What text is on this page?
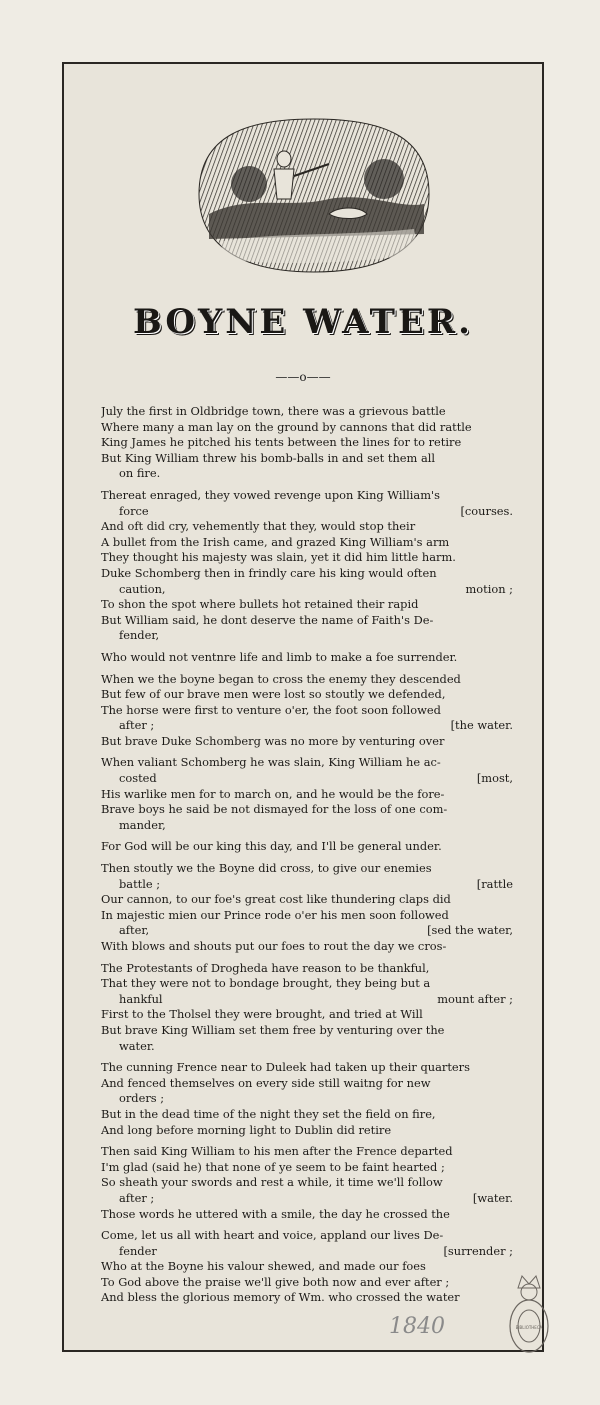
BOYNE WATER.
——o——
July the first in Oldbridge town, there was a grievous battle
Where many a man lay on the ground by cannons that did rattle
King James he pitched his tents between the lines for to retire
But King William threw his bomb-balls in and set them all
on fire.
Thereat enraged, they vowed revenge upon King William's
force	[courses.
And oft did cry, vehemently that they, would stop their
A bullet from the Irish came, and grazed King William's arm
They thought his majesty was slain, yet it did him little harm.
Duke Schomberg then in frindly care his king would often
caution,	motion ;
To shon the spot where bullets hot retained their rapid
But William said, he dont deserve the name of Faith's De-
fender,
Who would not ventnre life and limb to make a foe surrender.
When we the boyne began to cross the enemy they descended
But few of our brave men were lost so stoutly we defended,
The horse were first to venture o'er, the foot soon followed
after ;	[the water.
But brave Duke Schomberg was no more by venturing over
When valiant Schomberg he was slain, King William he ac-
costed	[most,
His warlike men for to march on, and he would be the fore-
Brave boys he said be not dismayed for the loss of one com-
mander,
For God will be our king this day, and I'll be general under.
Then stoutly we the Boyne did cross, to give our enemies
battle ;	[rattle
Our cannon, to our foe's great cost like thundering claps did
In majestic mien our Prince rode o'er his men soon followed
after,	[sed the water,
With blows and shouts put our foes to rout the day we cros-
The Protestants of Drogheda have reason to be thankful,
That they were not to bondage brought, they being but a
hankful	mount after ;
First to the Tholsel they were brought, and tried at Will
But brave King William set them free by venturing over the
water.
The cunning Frence near to Duleek had taken up their quarters
And fenced themselves on every side still waitng for new
orders ;
But in the dead time of the night they set the field on fire,
And long before morning light to Dublin did retire
Then said King William to his men after the Frence departed
I'm glad (said he) that none of ye seem to be faint hearted ;
So sheath your swords and rest a while, it time we'll follow
after ;	[water.
Those words he uttered with a smile, the day he crossed the
Come, let us all with heart and voice, appland our lives De-
fender	[surrender ;
Who at the Boyne his valour shewed, and made our foes
To God above the praise we'll give both now and ever after ;
And bless the glorious memory of Wm. who crossed the water
1840	BIBLIOTHECA
